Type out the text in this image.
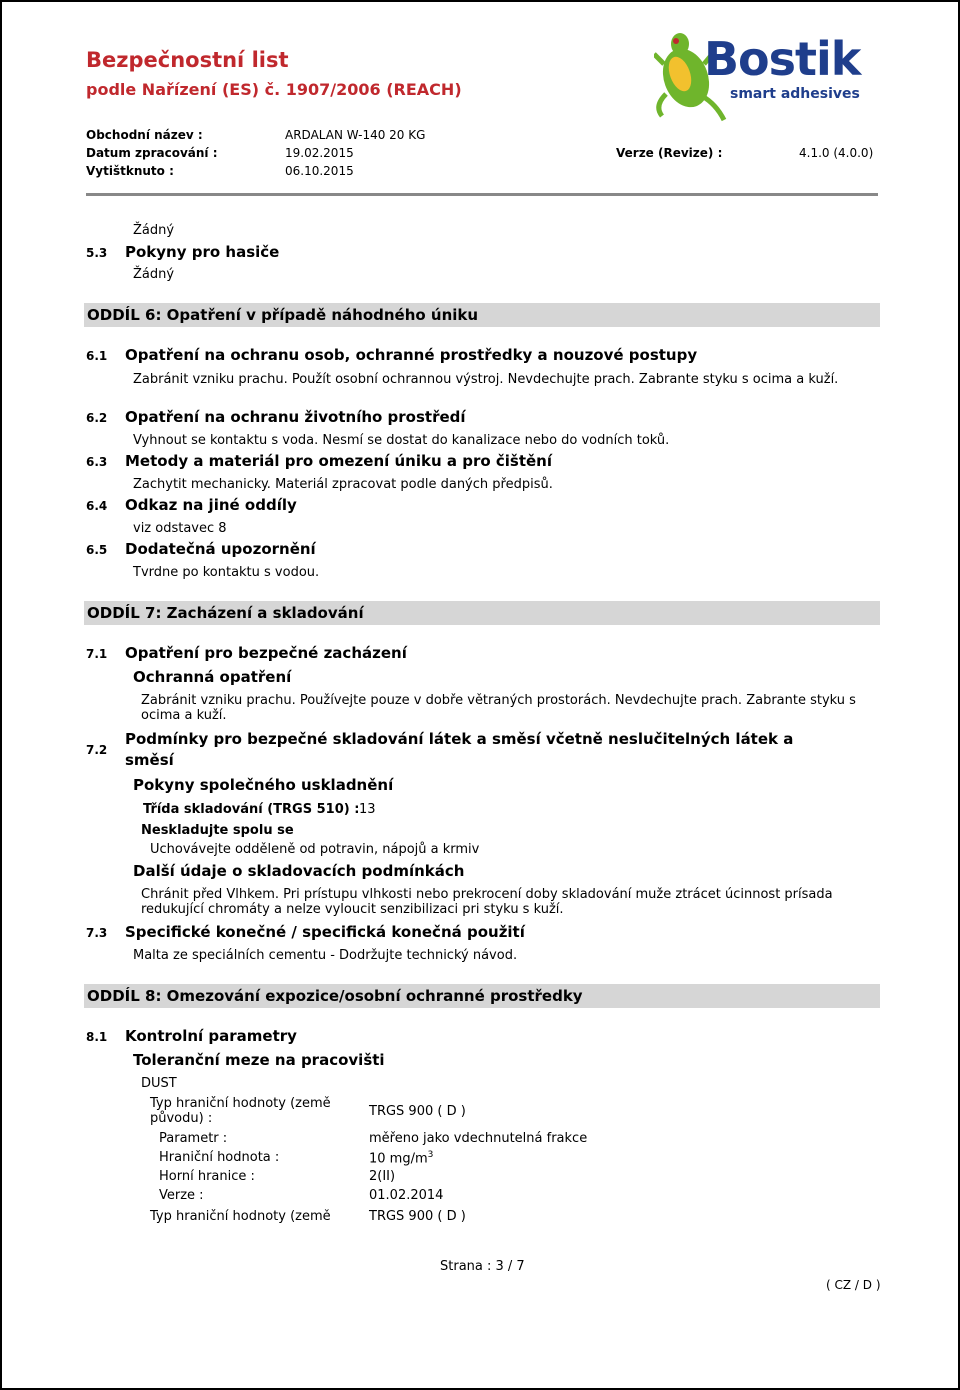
Bezpečnostní list
podle Nařízení (ES) č. 1907/2006 (REACH)
Bostik
smart adhesives
Obchodní název :	ARDALAN W-140 20 KG
Datum zpracování :	19.02.2015	Verze (Revize) :	4.1.0 (4.0.0)
Vytištknuto :	06.10.2015
Žádný
5.3 Pokyny pro hasiče
Žádný
ODDÍL 6: Opatření v případě náhodného úniku
6.1 Opatření na ochranu osob, ochranné prostředky a nouzové postupy
Zabránit vzniku prachu. Použít osobní ochrannou výstroj. Nevdechujte prach. Zabrante styku s ocima a kuží.
6.2 Opatření na ochranu životního prostředí
Vyhnout se kontaktu s voda. Nesmí se dostat do kanalizace nebo do vodních toků.
6.3 Metody a materiál pro omezení úniku a pro čištění
Zachytit mechanicky. Materiál zpracovat podle daných předpisů.
6.4 Odkaz na jiné oddíly
viz odstavec 8
6.5 Dodatečná upozornění
Tvrdne po kontaktu s vodou.
ODDÍL 7: Zacházení a skladování
7.1 Opatření pro bezpečné zacházení
Ochranná opatření
Zabránit vzniku prachu. Používejte pouze v dobře větraných prostorách. Nevdechujte prach. Zabrante styku s ocima a kuží.
7.2
Podmínky pro bezpečné skladování látek a směsí včetně neslučitelných látek a
směsí
Pokyny společného uskladnění
Třída skladování (TRGS 510) : 13
Neskladujte spolu se
Uchovávejte odděleně od potravin, nápojů a krmiv
Další údaje o skladovacích podmínkách
Chránit před Vlhkem. Pri prístupu vlhkosti nebo prekrocení doby skladování muže ztrácet úcinnost prísada redukující chromáty a nelze vyloucit senzibilizaci pri styku s kuží.
7.3 Specifické konečné / specifická konečná použití
Malta ze speciálních cementu - Dodržujte technický návod.
ODDÍL 8: Omezování expozice/osobní ochranné prostředky
8.1 Kontrolní parametry
Toleranční meze na pracovišti
DUST
Typ hraniční hodnoty (země původu) :	TRGS 900 ( D )
Parametr :	měřeno jako vdechnutelná frakce
Hraniční hodnota :	10 $mg/m^3$
Horní hranice :	2(II)
Verze :	01.02.2014
Typ hraniční hodnoty (země	TRGS 900 ( D )
Strana : 3 / 7
( CZ / D )
